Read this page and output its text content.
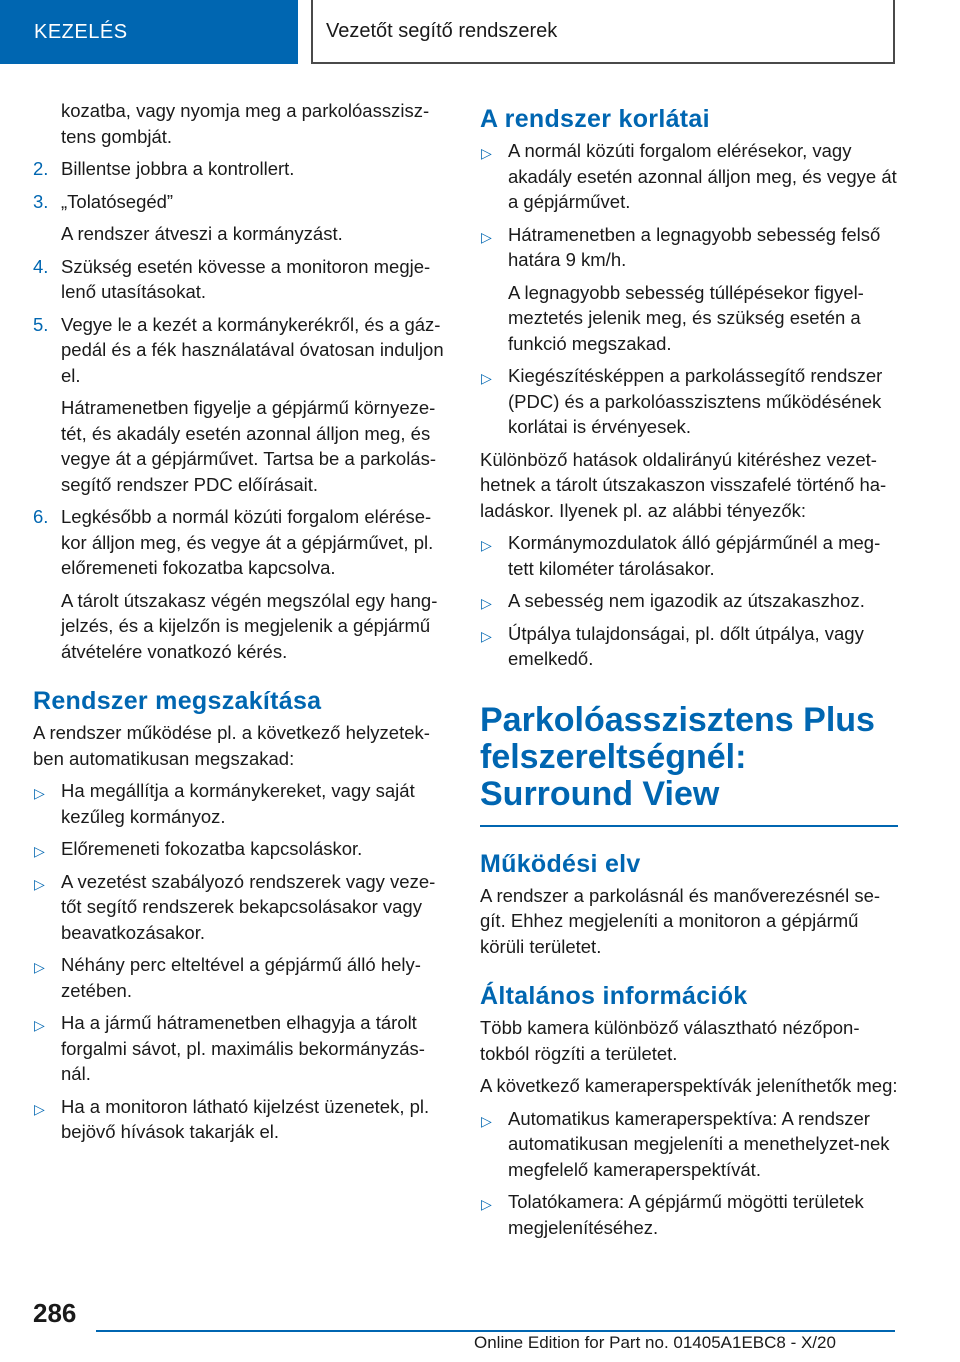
KEZELÉS	Vezetőt segítő rendszerek
kozatba, vagy nyomja meg a parkolóasszisz-tens gombját.
2. Billentse jobbra a kontrollert.
3. „Tolatósegéd”
A rendszer átveszi a kormányzást.
4. Szükség esetén kövesse a monitoron megje-lenő utasításokat.
5. Vegye le a kezét a kormánykerékről, és a gáz-pedál és a fék használatával óvatosan induljon el.
Hátramenetben figyelje a gépjármű környeze-tét, és akadály esetén azonnal álljon meg, és vegye át a gépjárművet. Tartsa be a parkolás-segítő rendszer PDC előírásait.
6. Legkésőbb a normál közúti forgalom elérése-kor álljon meg, és vegye át a gépjárművet, pl. előremeneti fokozatba kapcsolva.
A tárolt útszakasz végén megszólal egy hang-jelzés, és a kijelzőn is megjelenik a gépjármű átvételére vonatkozó kérés.
Rendszer megszakítása
A rendszer működése pl. a következő helyzetek-ben automatikusan megszakad:
▷ Ha megállítja a kormánykereket, vagy saját kezűleg kormányoz.
▷ Előremeneti fokozatba kapcsoláskor.
▷ A vezetést szabályozó rendszerek vagy veze-tőt segítő rendszerek bekapcsolásakor vagy beavatkozásakor.
▷ Néhány perc elteltével a gépjármű álló hely-zetében.
▷ Ha a jármű hátramenetben elhagyja a tárolt forgalmi sávot, pl. maximális bekormányzás-nál.
▷ Ha a monitoron látható kijelzést üzenetek, pl. bejövő hívások takarják el.
A rendszer korlátai
▷ A normál közúti forgalom elérésekor, vagy akadály esetén azonnal álljon meg, és vegye át a gépjárművet.
▷ Hátramenetben a legnagyobb sebesség felső határa 9 km/h.
A legnagyobb sebesség túllépésekor figyel-meztetés jelenik meg, és szükség esetén a funkció megszakad.
▷ Kiegészítésképpen a parkolássegítő rendszer (PDC) és a parkolóasszisztens működésének korlátai is érvényesek.
Különböző hatások oldalirányú kitéréshez vezet-hetnek a tárolt útszakaszon visszafelé történő ha-ladáskor. Ilyenek pl. az alábbi tényezők:
▷ Kormánymozdulatok álló gépjárműnél a meg-tett kilométer tárolásakor.
▷ A sebesség nem igazodik az útszakaszhoz.
▷ Útpálya tulajdonságai, pl. dőlt útpálya, vagy emelkedő.
Parkolóasszisztens Plus felszereltségnél: Surround View
Működési elv
A rendszer a parkolásnál és manőverezésnél se-gít. Ehhez megjeleníti a monitoron a gépjármű körüli területet.
Általános információk
Több kamera különböző választható nézőpon-tokból rögzíti a területet.
A következő kameraperspektívák jeleníthetők meg:
▷ Automatikus kameraperspektíva: A rendszer automatikusan megjeleníti a menethelyzet-nek megfelelő kameraperspektívát.
▷ Tolatókamera: A gépjármű mögötti területek megjelenítéséhez.
286
Online Edition for Part no. 01405A1EBC8 - X/20
